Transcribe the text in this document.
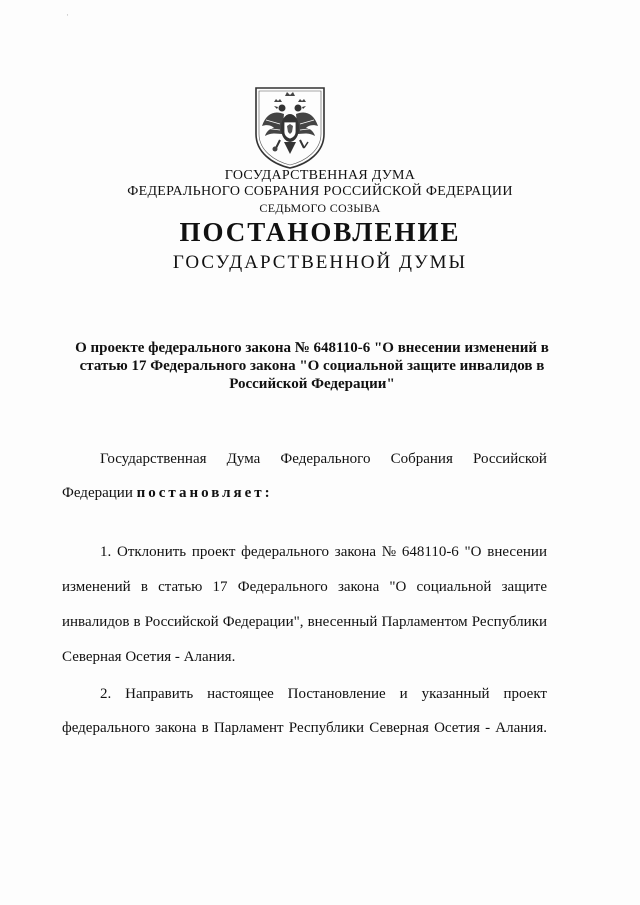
·
ГОСУДАРСТВЕННАЯ ДУМА
ФЕДЕРАЛЬНОГО СОБРАНИЯ РОССИЙСКОЙ ФЕДЕРАЦИИ
СЕДЬМОГО СОЗЫВА
ПОСТАНОВЛЕНИЕ
ГОСУДАРСТВЕННОЙ ДУМЫ
О проекте федерального закона № 648110-6 "О внесении изменений в
статью 17 Федерального закона "О социальной защите инвалидов в
Российской Федерации"
Государственная Дума Федерального Собрания Российской
Федерации постановляет:
1. Отклонить проект федерального закона № 648110-6 "О внесении
изменений в статью 17 Федерального закона "О социальной защите
инвалидов в Российской Федерации", внесенный Парламентом Республики
Северная Осетия - Алания.
2. Направить настоящее Постановление и указанный проект
федерального закона в Парламент Республики Северная Осетия - Алания.
